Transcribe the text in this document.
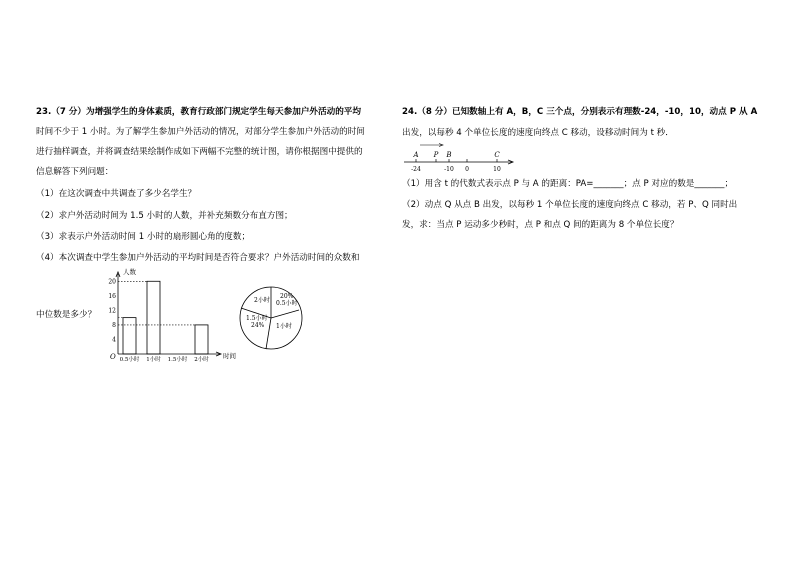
23.（7 分）为增强学生的身体素质，教育行政部门规定学生每天参加户外活动的平均
时间不少于 1 小时。为了解学生参加户外活动的情况，对部分学生参加户外活动的时间
进行抽样调查，并将调查结果绘制作成如下两幅不完整的统计图，请你根据图中提供的
信息解答下列问题：
（1）在这次调查中共调查了多少名学生？
（2）求户外活动时间为 1.5 小时的人数，并补充频数分布直方图；
（3）求表示户外活动时间 1 小时的扇形圆心角的度数；
（4）本次调查中学生参加户外活动的平均时间是否符合要求？户外活动时间的众数和
中位数是多少？
人数
时间
O
4
8
12
16
20
0.5小时 1小时 1.5小时 2小时
2小时
20%
0.5小时
1小时
1.5小时
24%
24.（8 分）已知数轴上有 A，B，C 三个点，分别表示有理数-24，-10，10，动点 P 从 A
出发，以每秒 4 个单位长度的速度向终点 C 移动，设移动时间为 t 秒．
（1）用含 t 的代数式表示点 P 与 A 的距离：PA=_______；点 P 对应的数是_______；
（2）动点 Q 从点 B 出发，以每秒 1 个单位长度的速度向终点 C 移动，若 P、Q 同时出
发，求：当点 P 运动多少秒时，点 P 和点 Q 间的距离为 8 个单位长度？
A
-24
P B
-10 0
C
10
